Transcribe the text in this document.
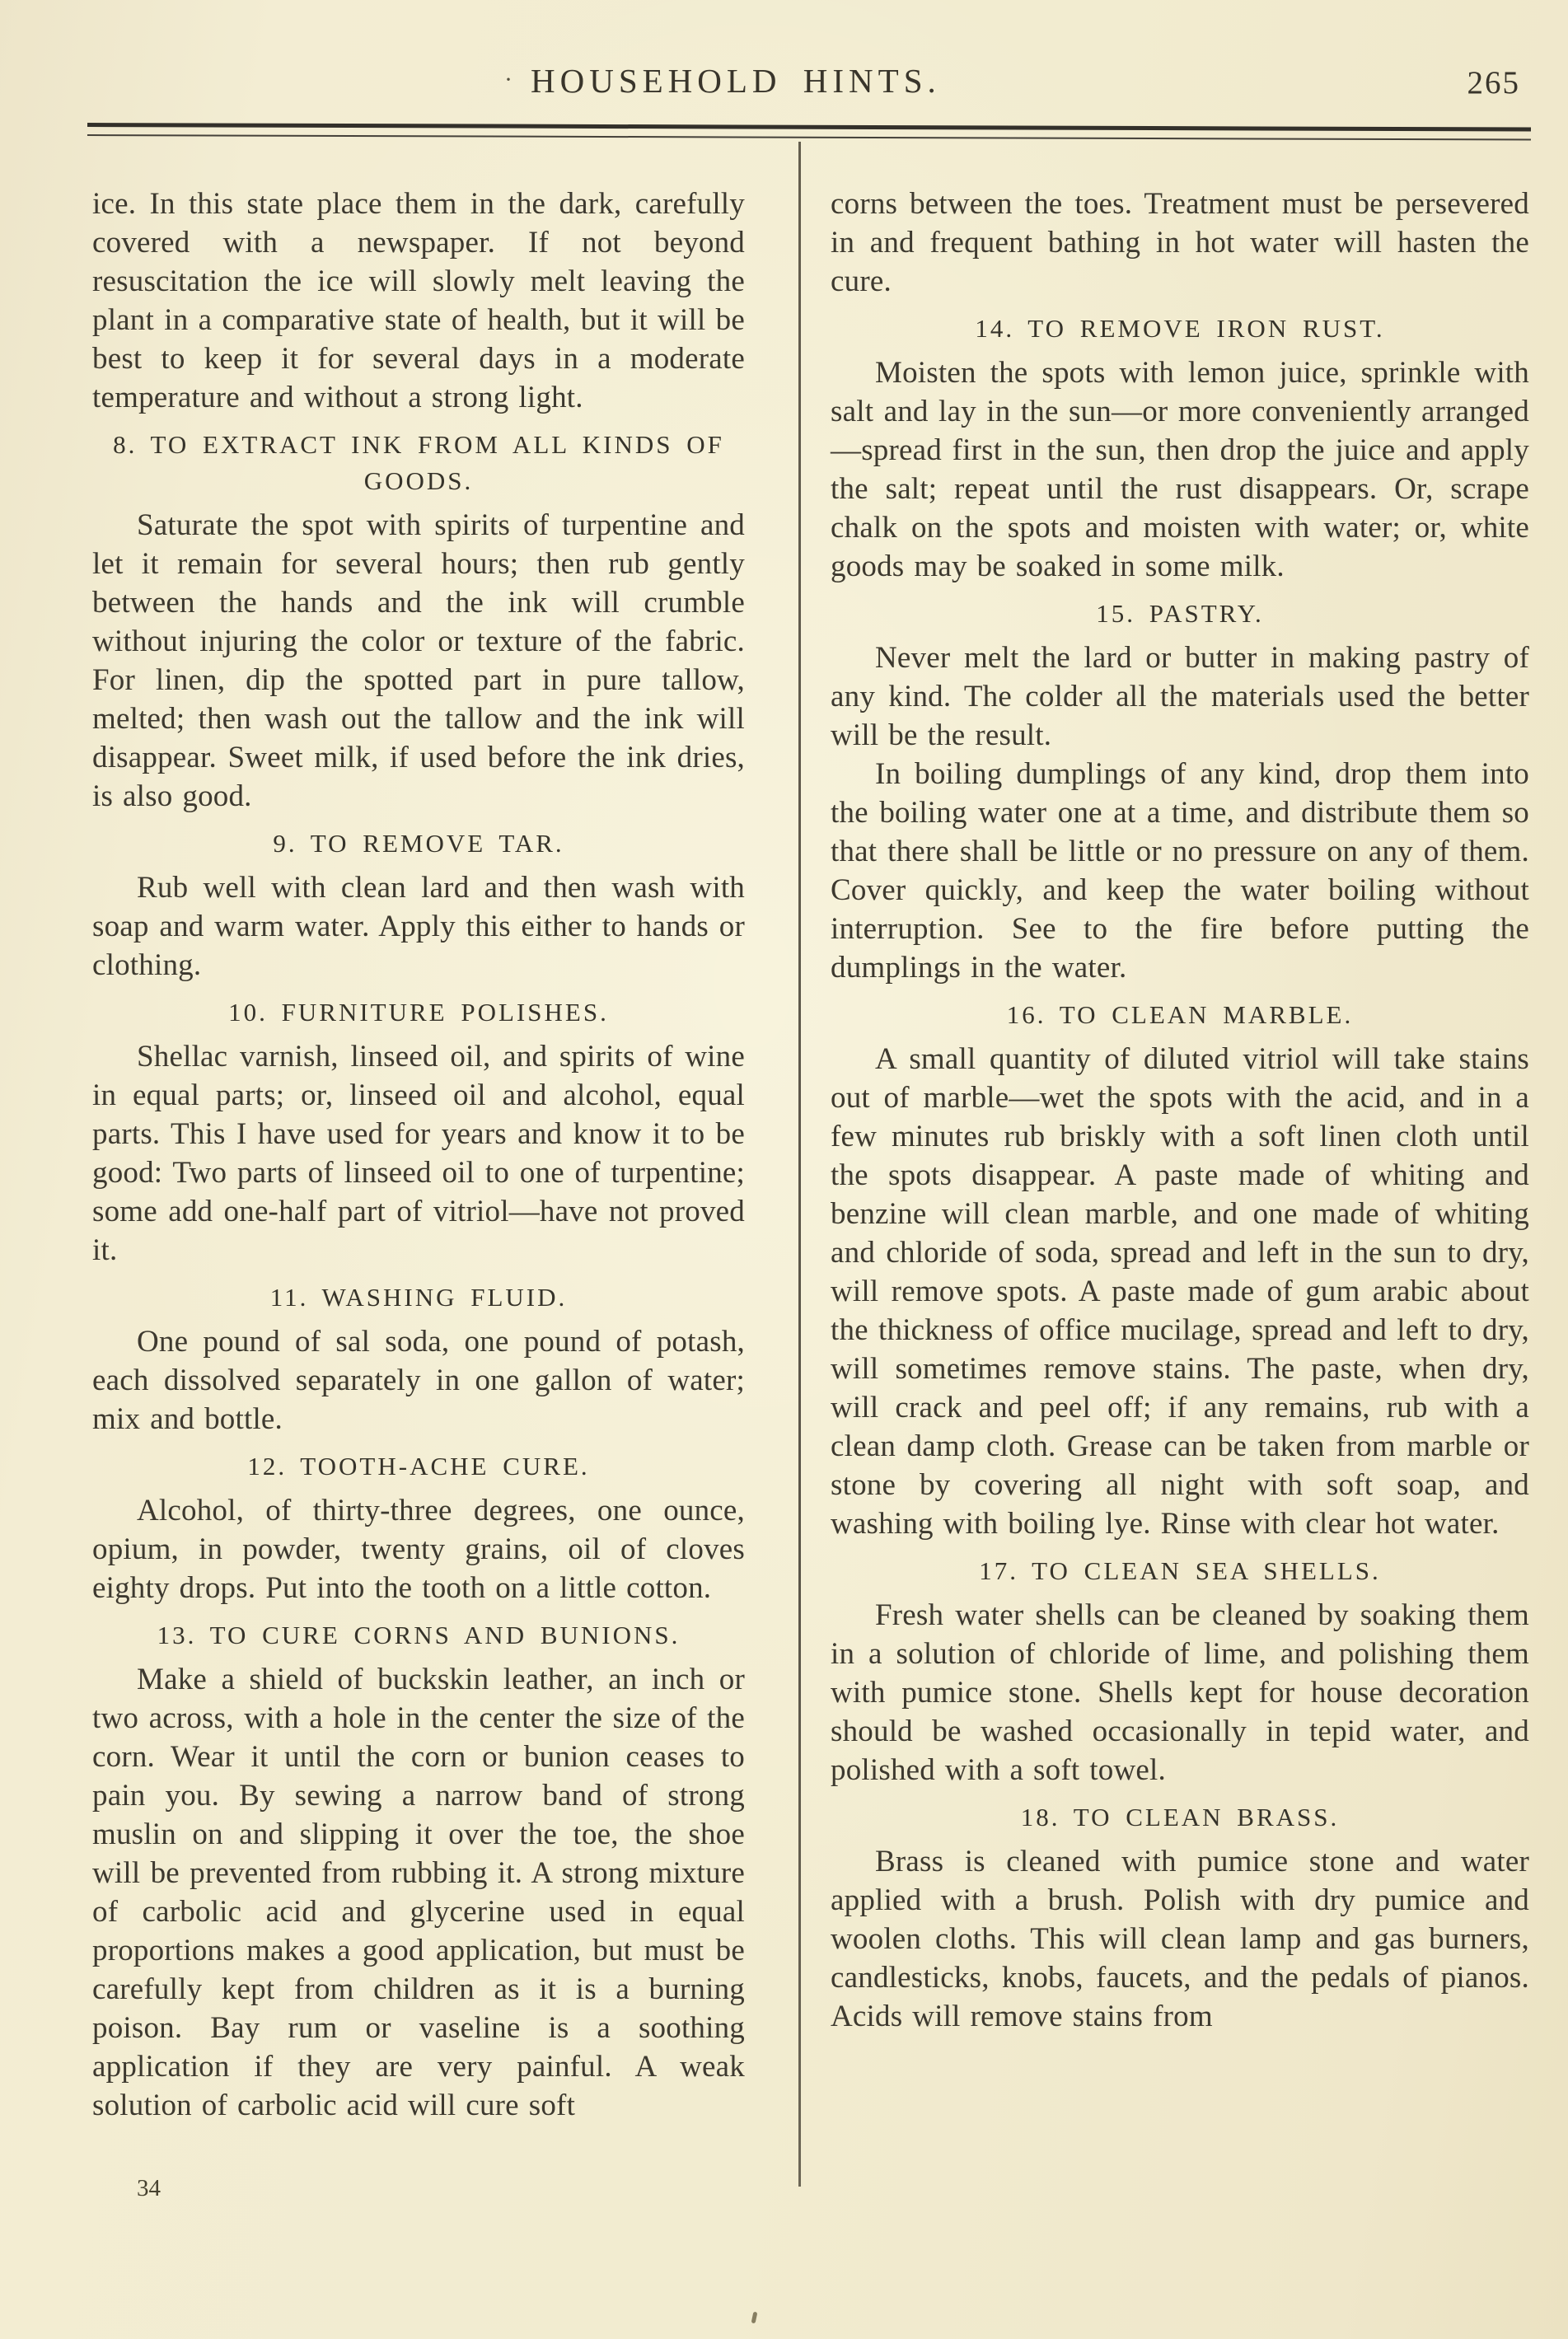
· HOUSEHOLD HINTS.	265

ice. In this state place them in the dark, carefully covered with a newspaper. If not beyond resuscitation the ice will slowly melt leaving the plant in a comparative state of health, but it will be best to keep it for several days in a moderate temperature and without a strong light.

8. TO EXTRACT INK FROM ALL KINDS OF GOODS.

Saturate the spot with spirits of turpentine and let it remain for several hours; then rub gently between the hands and the ink will crumble without injuring the color or texture of the fabric. For linen, dip the spotted part in pure tallow, melted; then wash out the tallow and the ink will disappear. Sweet milk, if used before the ink dries, is also good.

9. TO REMOVE TAR.

Rub well with clean lard and then wash with soap and warm water. Apply this either to hands or clothing.

10. FURNITURE POLISHES.

Shellac varnish, linseed oil, and spirits of wine in equal parts; or, linseed oil and alcohol, equal parts. This I have used for years and know it to be good: Two parts of linseed oil to one of turpentine; some add one-half part of vitriol—have not proved it.

11. WASHING FLUID.

One pound of sal soda, one pound of potash, each dissolved separately in one gallon of water; mix and bottle.

12. TOOTH-ACHE CURE.

Alcohol, of thirty-three degrees, one ounce, opium, in powder, twenty grains, oil of cloves eighty drops. Put into the tooth on a little cotton.

13. TO CURE CORNS AND BUNIONS.

Make a shield of buckskin leather, an inch or two across, with a hole in the center the size of the corn. Wear it until the corn or bunion ceases to pain you. By sewing a narrow band of strong muslin on and slipping it over the toe, the shoe will be prevented from rubbing it. A strong mixture of carbolic acid and glycerine used in equal proportions makes a good application, but must be carefully kept from children as it is a burning poison. Bay rum or vaseline is a soothing application if they are very painful. A weak solution of carbolic acid will cure soft

corns between the toes. Treatment must be persevered in and frequent bathing in hot water will hasten the cure.

14. TO REMOVE IRON RUST.

Moisten the spots with lemon juice, sprinkle with salt and lay in the sun—or more conveniently arranged—spread first in the sun, then drop the juice and apply the salt; repeat until the rust disappears. Or, scrape chalk on the spots and moisten with water; or, white goods may be soaked in some milk.

15. PASTRY.

Never melt the lard or butter in making pastry of any kind. The colder all the materials used the better will be the result.

In boiling dumplings of any kind, drop them into the boiling water one at a time, and distribute them so that there shall be little or no pressure on any of them. Cover quickly, and keep the water boiling without interruption. See to the fire before putting the dumplings in the water.

16. TO CLEAN MARBLE.

A small quantity of diluted vitriol will take stains out of marble—wet the spots with the acid, and in a few minutes rub briskly with a soft linen cloth until the spots disappear. A paste made of whiting and benzine will clean marble, and one made of whiting and chloride of soda, spread and left in the sun to dry, will remove spots. A paste made of gum arabic about the thickness of office mucilage, spread and left to dry, will sometimes remove stains. The paste, when dry, will crack and peel off; if any remains, rub with a clean damp cloth. Grease can be taken from marble or stone by covering all night with soft soap, and washing with boiling lye. Rinse with clear hot water.

17. TO CLEAN SEA SHELLS.

Fresh water shells can be cleaned by soaking them in a solution of chloride of lime, and polishing them with pumice stone. Shells kept for house decoration should be washed occasionally in tepid water, and polished with a soft towel.

18. TO CLEAN BRASS.

Brass is cleaned with pumice stone and water applied with a brush. Polish with dry pumice and woolen cloths. This will clean lamp and gas burners, candlesticks, knobs, faucets, and the pedals of pianos. Acids will remove stains from

34
